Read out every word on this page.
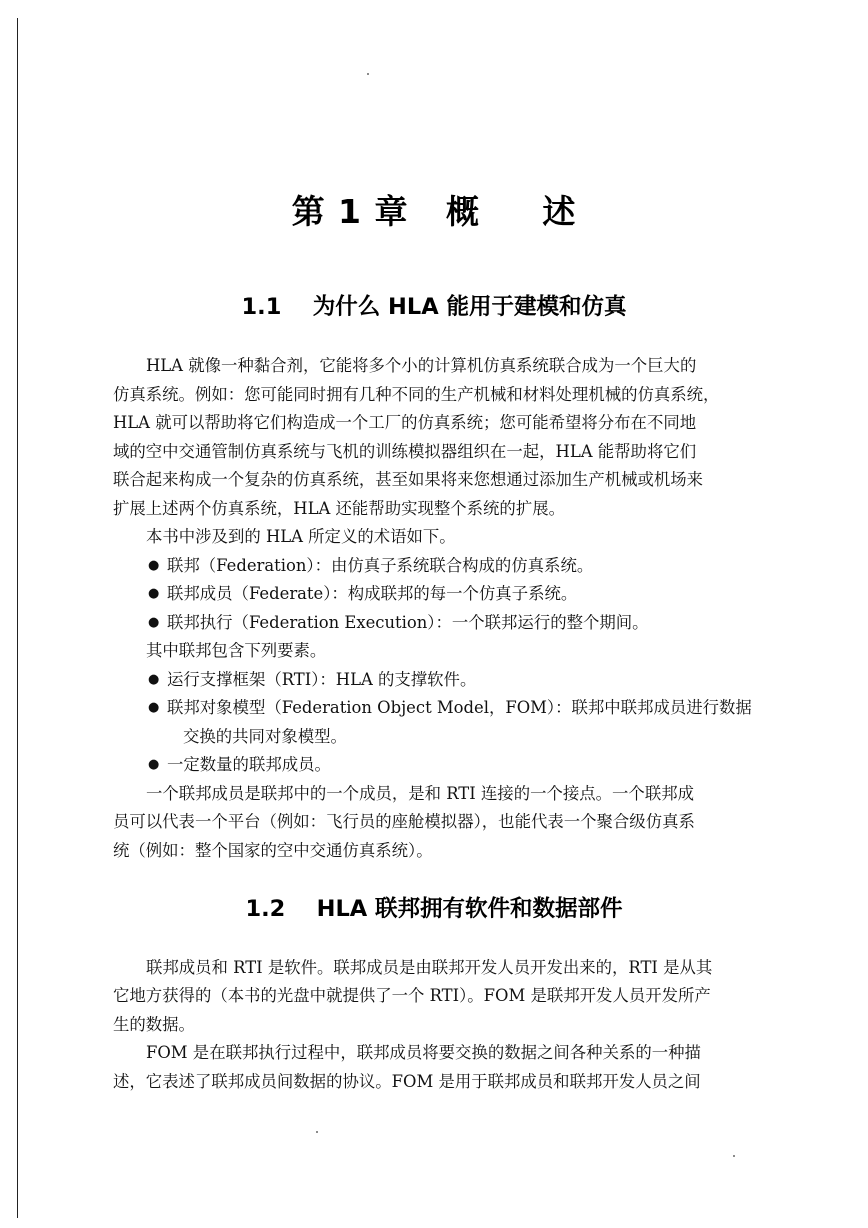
第 1 章   概     述
1.1    为什么 HLA 能用于建模和仿真
HLA 就像一种黏合剂，它能将多个小的计算机仿真系统联合成为一个巨大的
仿真系统。例如：您可能同时拥有几种不同的生产机械和材料处理机械的仿真系统，
HLA 就可以帮助将它们构造成一个工厂的仿真系统；您可能希望将分布在不同地
域的空中交通管制仿真系统与飞机的训练模拟器组织在一起，HLA 能帮助将它们
联合起来构成一个复杂的仿真系统，甚至如果将来您想通过添加生产机械或机场来
扩展上述两个仿真系统，HLA 还能帮助实现整个系统的扩展。
本书中涉及到的 HLA 所定义的术语如下。
● 联邦（Federation）：由仿真子系统联合构成的仿真系统。
● 联邦成员（Federate）：构成联邦的每一个仿真子系统。
● 联邦执行（Federation Execution）：一个联邦运行的整个期间。
其中联邦包含下列要素。
● 运行支撑框架（RTI）：HLA 的支撑软件。
● 联邦对象模型（Federation Object Model，FOM）：联邦中联邦成员进行数据
交换的共同对象模型。
● 一定数量的联邦成员。
一个联邦成员是联邦中的一个成员，是和 RTI 连接的一个接点。一个联邦成
员可以代表一个平台（例如：飞行员的座舱模拟器），也能代表一个聚合级仿真系
统（例如：整个国家的空中交通仿真系统）。
1.2    HLA 联邦拥有软件和数据部件
联邦成员和 RTI 是软件。联邦成员是由联邦开发人员开发出来的，RTI 是从其
它地方获得的（本书的光盘中就提供了一个 RTI）。FOM 是联邦开发人员开发所产
生的数据。
FOM 是在联邦执行过程中，联邦成员将要交换的数据之间各种关系的一种描
述，它表述了联邦成员间数据的协议。FOM 是用于联邦成员和联邦开发人员之间
